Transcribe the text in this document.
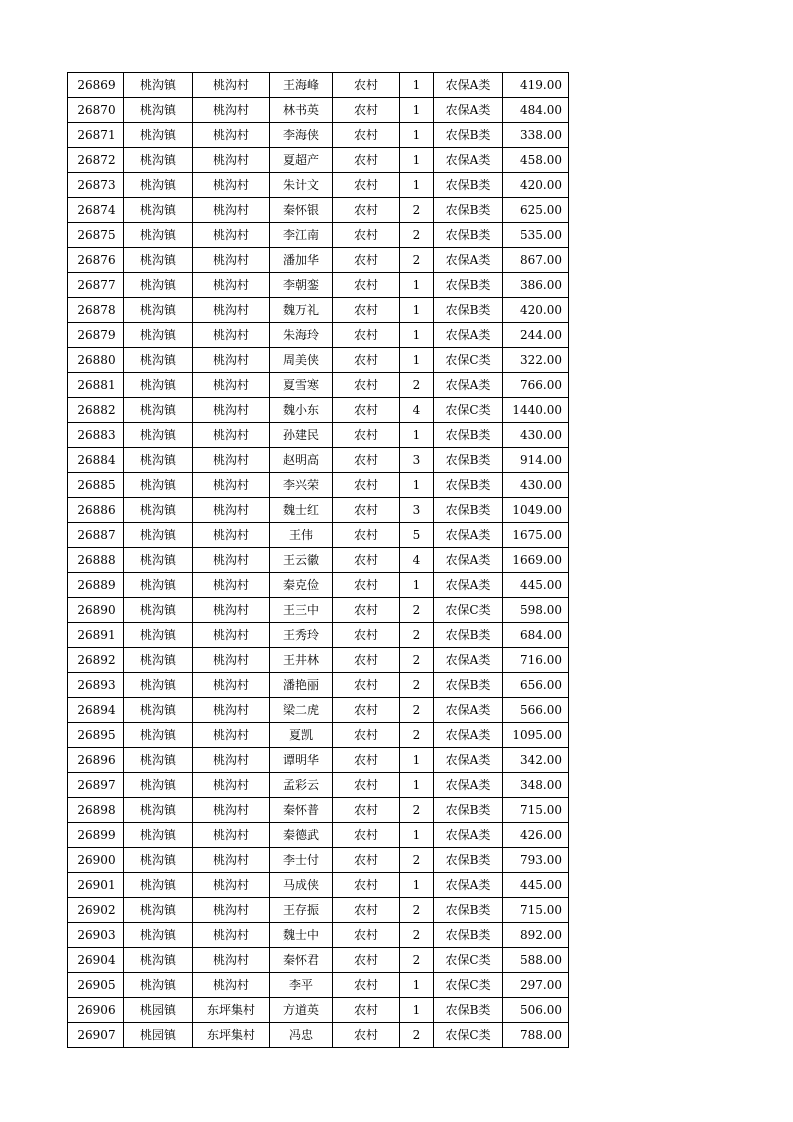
26869	桃沟镇	桃沟村	王海峰	农村	1	农保A类	419.00
26870	桃沟镇	桃沟村	林书英	农村	1	农保A类	484.00
26871	桃沟镇	桃沟村	李海侠	农村	1	农保B类	338.00
26872	桃沟镇	桃沟村	夏超产	农村	1	农保A类	458.00
26873	桃沟镇	桃沟村	朱计文	农村	1	农保B类	420.00
26874	桃沟镇	桃沟村	秦怀银	农村	2	农保B类	625.00
26875	桃沟镇	桃沟村	李江南	农村	2	农保B类	535.00
26876	桃沟镇	桃沟村	潘加华	农村	2	农保A类	867.00
26877	桃沟镇	桃沟村	李朝銮	农村	1	农保B类	386.00
26878	桃沟镇	桃沟村	魏万礼	农村	1	农保B类	420.00
26879	桃沟镇	桃沟村	朱海玲	农村	1	农保A类	244.00
26880	桃沟镇	桃沟村	周美侠	农村	1	农保C类	322.00
26881	桃沟镇	桃沟村	夏雪寒	农村	2	农保A类	766.00
26882	桃沟镇	桃沟村	魏小东	农村	4	农保C类	1440.00
26883	桃沟镇	桃沟村	孙建民	农村	1	农保B类	430.00
26884	桃沟镇	桃沟村	赵明高	农村	3	农保B类	914.00
26885	桃沟镇	桃沟村	李兴荣	农村	1	农保B类	430.00
26886	桃沟镇	桃沟村	魏士红	农村	3	农保B类	1049.00
26887	桃沟镇	桃沟村	王伟	农村	5	农保A类	1675.00
26888	桃沟镇	桃沟村	王云徽	农村	4	农保A类	1669.00
26889	桃沟镇	桃沟村	秦克俭	农村	1	农保A类	445.00
26890	桃沟镇	桃沟村	王三中	农村	2	农保C类	598.00
26891	桃沟镇	桃沟村	王秀玲	农村	2	农保B类	684.00
26892	桃沟镇	桃沟村	王井林	农村	2	农保A类	716.00
26893	桃沟镇	桃沟村	潘艳丽	农村	2	农保B类	656.00
26894	桃沟镇	桃沟村	梁二虎	农村	2	农保A类	566.00
26895	桃沟镇	桃沟村	夏凯	农村	2	农保A类	1095.00
26896	桃沟镇	桃沟村	谭明华	农村	1	农保A类	342.00
26897	桃沟镇	桃沟村	孟彩云	农村	1	农保A类	348.00
26898	桃沟镇	桃沟村	秦怀普	农村	2	农保B类	715.00
26899	桃沟镇	桃沟村	秦德武	农村	1	农保A类	426.00
26900	桃沟镇	桃沟村	李士付	农村	2	农保B类	793.00
26901	桃沟镇	桃沟村	马成侠	农村	1	农保A类	445.00
26902	桃沟镇	桃沟村	王存振	农村	2	农保B类	715.00
26903	桃沟镇	桃沟村	魏士中	农村	2	农保B类	892.00
26904	桃沟镇	桃沟村	秦怀君	农村	2	农保C类	588.00
26905	桃沟镇	桃沟村	李平	农村	1	农保C类	297.00
26906	桃园镇	东坪集村	方道英	农村	1	农保B类	506.00
26907	桃园镇	东坪集村	冯忠	农村	2	农保C类	788.00
